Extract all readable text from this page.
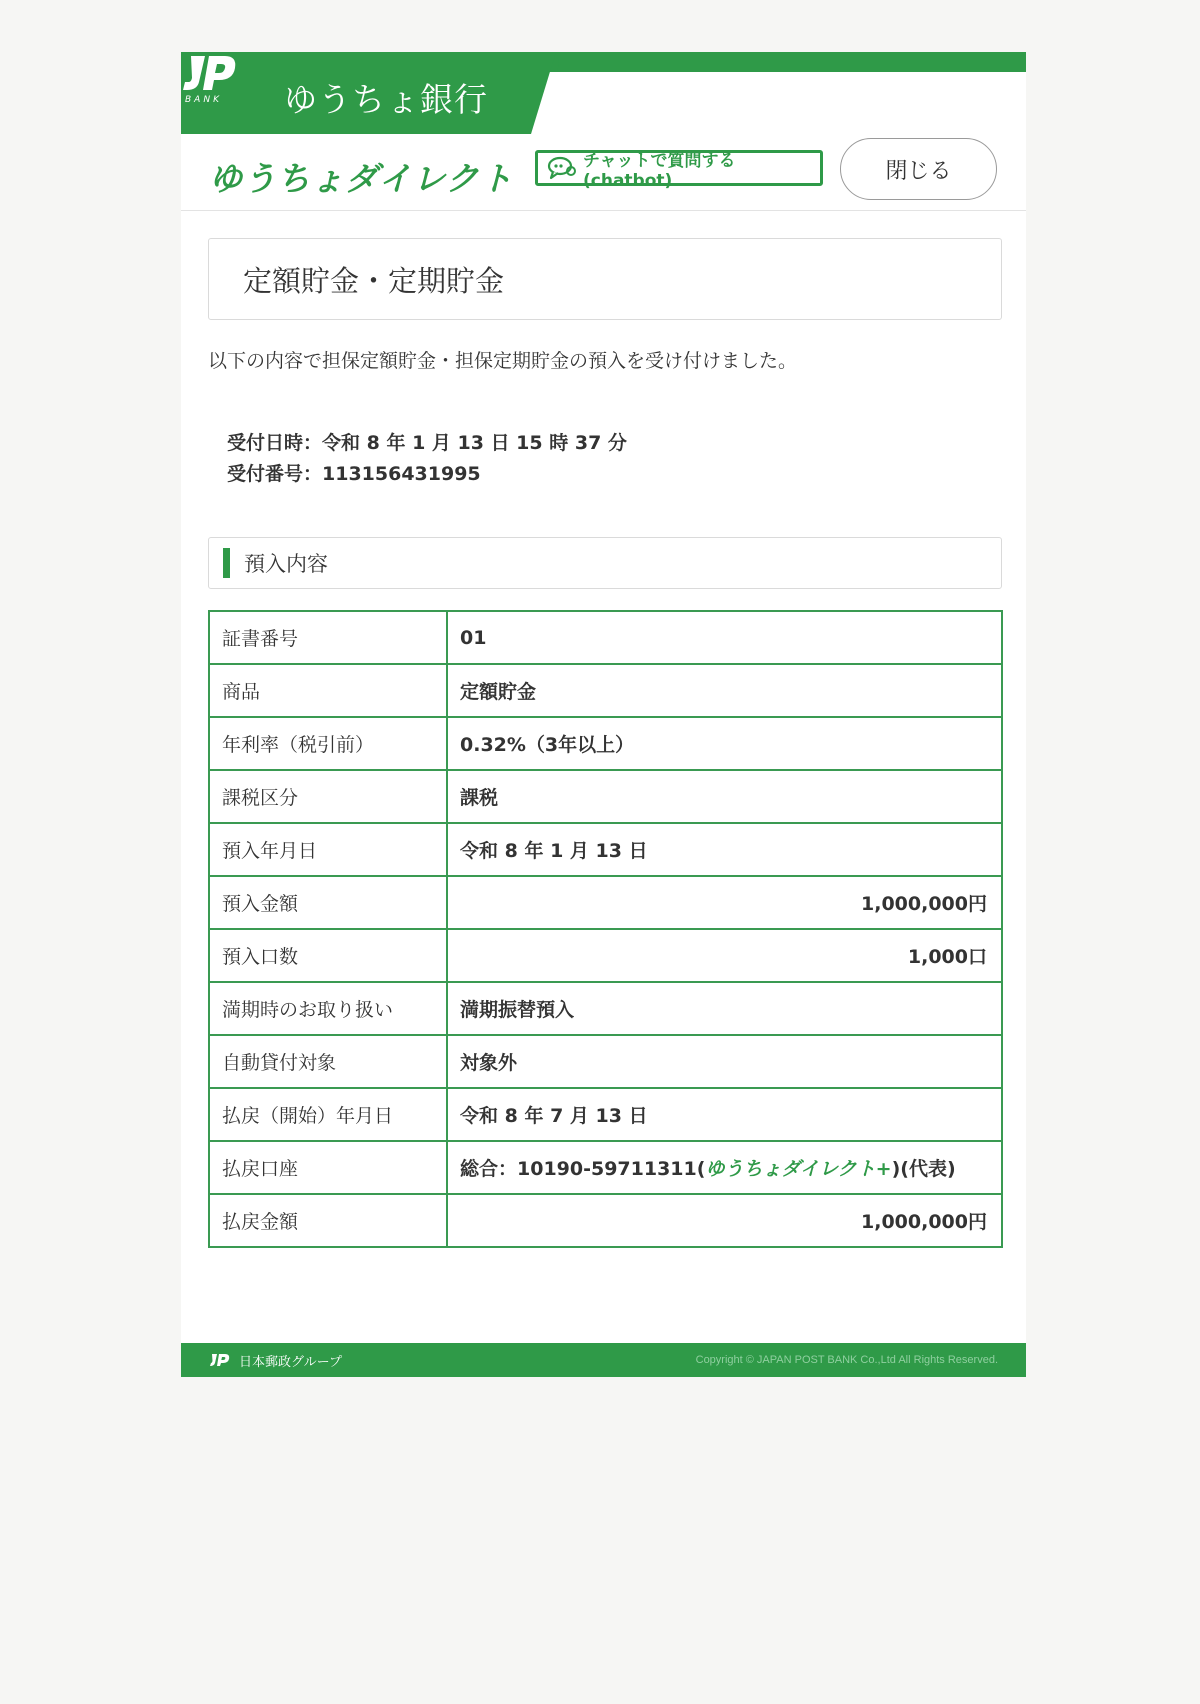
BANK ゆうちょ銀行
ゆうちょダイレクト	チャットで質問する(chatbot)	閉じる
定額貯金・定期貯金
以下の内容で担保定額貯金・担保定期貯金の預入を受け付けました。
受付日時：令和 8 年 1 月 13 日 15 時 37 分
受付番号：113156431995
預入内容
証書番号	01
商品	定額貯金
年利率（税引前）	0.32%（3年以上）
課税区分	課税
預入年月日	令和 8 年 1 月 13 日
預入金額	1,000,000円
預入口数	1,000口
満期時のお取り扱い	満期振替預入
自動貸付対象	対象外
払戻（開始）年月日	令和 8 年 7 月 13 日
払戻口座	総合：10190-59711311(ゆうちょダイレクト+)(代表)
払戻金額	1,000,000円
日本郵政グループ	Copyright © JAPAN POST BANK Co.,Ltd All Rights Reserved.
